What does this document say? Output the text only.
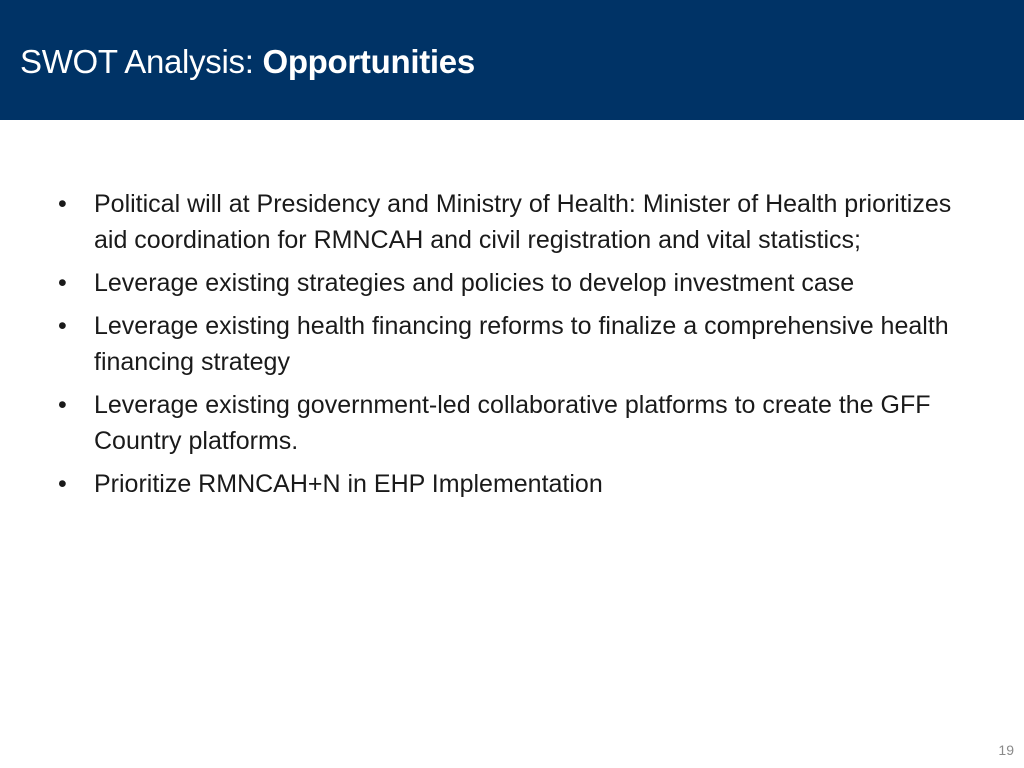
SWOT Analysis: Opportunities
•	Political will at Presidency and Ministry of Health: Minister of Health prioritizes aid coordination for RMNCAH and civil registration and vital statistics;
•	Leverage existing strategies and policies to develop investment case
•	Leverage existing health financing reforms to finalize a comprehensive health financing strategy
•	Leverage existing government-led collaborative platforms to create the GFF Country platforms.
•	Prioritize RMNCAH+N in EHP Implementation
19
